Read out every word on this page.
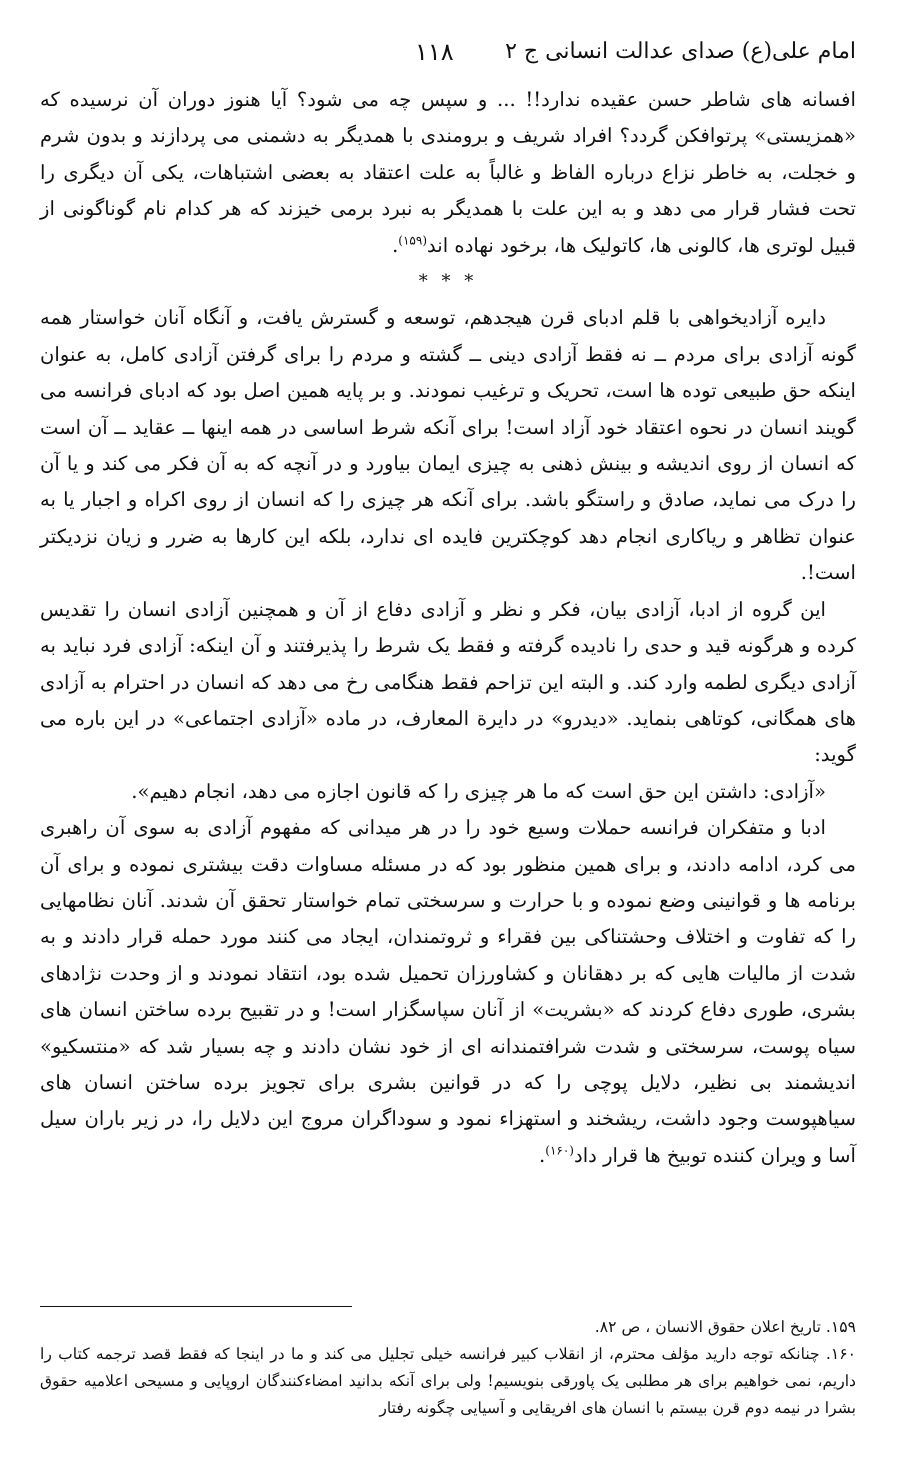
امام علی(ع) صدای عدالت انسانی ج ۲
۱۱۸

افسانه های شاطر حسن عقیده ندارد!! ... و سپس چه می شود؟ آیا هنوز دوران آن نرسیده که «همزیستی» پرتوافکن گردد؟ افراد شریف و برومندی با همدیگر به دشمنی می پردازند و بدون شرم و خجلت، به خاطر نزاع درباره الفاظ و غالباً به علت اعتقاد به بعضی اشتباهات، یکی آن دیگری را تحت فشار قرار می دهد و به این علت با همدیگر به نبرد برمی خیزند که هر کدام نام گوناگونی از قبیل لوتری ها، کالونی ها، کاتولیک ها، برخود نهاده اند$^{(۱۵۹)}$.

* * *

دایره آزادیخواهی با قلم ادبای قرن هیجدهم، توسعه و گسترش یافت، و آنگاه آنان خواستار همه گونه آزادی برای مردم ــ نه فقط آزادی دینی ــ گشته و مردم را برای گرفتن آزادی کامل، به عنوان اینکه حق طبیعی توده ها است، تحریک و ترغیب نمودند. و بر پایه همین اصل بود که ادبای فرانسه می گویند انسان در نحوه اعتقاد خود آزاد است! برای آنکه شرط اساسی در همه اینها ــ عقاید ــ آن است که انسان از روی اندیشه و بینش ذهنی به چیزی ایمان بیاورد و در آنچه که به آن فکر می کند و یا آن را درک می نماید، صادق و راستگو باشد. برای آنکه هر چیزی را که انسان از روی اکراه و اجبار یا به عنوان تظاهر و ریاکاری انجام دهد کوچکترین فایده ای ندارد، بلکه این کارها به ضرر و زیان نزدیکتر است!.

این گروه از ادبا، آزادی بیان، فکر و نظر و آزادی دفاع از آن و همچنین آزادی انسان را تقدیس کرده و هرگونه قید و حدی را نادیده گرفته و فقط یک شرط را پذیرفتند و آن اینکه: آزادی فرد نباید به آزادی دیگری لطمه وارد کند. و البته این تزاحم فقط هنگامی رخ می دهد که انسان در احترام به آزادی های همگانی، کوتاهی بنماید. «دیدرو» در دایرة المعارف، در ماده «آزادی اجتماعی» در این باره می گوید:

«آزادی: داشتن این حق است که ما هر چیزی را که قانون اجازه می دهد، انجام دهیم».

ادبا و متفکران فرانسه حملات وسیع خود را در هر میدانی که مفهوم آزادی به سوی آن راهبری می کرد، ادامه دادند، و برای همین منظور بود که در مسئله مساوات دقت بیشتری نموده و برای آن برنامه ها و قوانینی وضع نموده و با حرارت و سرسختی تمام خواستار تحقق آن شدند. آنان نظامهایی را که تفاوت و اختلاف وحشتناکی بین فقراء و ثروتمندان، ایجاد می کنند مورد حمله قرار دادند و به شدت از مالیات هایی که بر دهقانان و کشاورزان تحمیل شده بود، انتقاد نمودند و از وحدت نژادهای بشری، طوری دفاع کردند که «بشریت» از آنان سپاسگزار است! و در تقبیح برده ساختن انسان های سیاه پوست، سرسختی و شدت شرافتمندانه ای از خود نشان دادند و چه بسیار شد که «منتسکیو» اندیشمند بی نظیر، دلایل پوچی را که در قوانین بشری برای تجویز برده ساختن انسان های سیاهپوست وجود داشت، ریشخند و استهزاء نمود و سوداگران مروج این دلایل را، در زیر باران سیل آسا و ویران کننده توبیخ ها قرار داد$^{(۱۶۰)}$.

۱۵۹. تاریخ اعلان حقوق الانسان ، ص ۸۲.

۱۶۰. چنانکه توجه دارید مؤلف محترم، از انقلاب کبیر فرانسه خیلی تجلیل می کند و ما در اینجا که فقط قصد ترجمه کتاب را داریم، نمی خواهیم برای هر مطلبی یک پاورقی بنویسیم! ولی برای آنکه بدانید امضاءکنندگان اروپایی و مسیحی اعلامیه حقوق بشرا در نیمه دوم قرن بیستم با انسان های افریقایی و آسیایی چگونه رفتار
